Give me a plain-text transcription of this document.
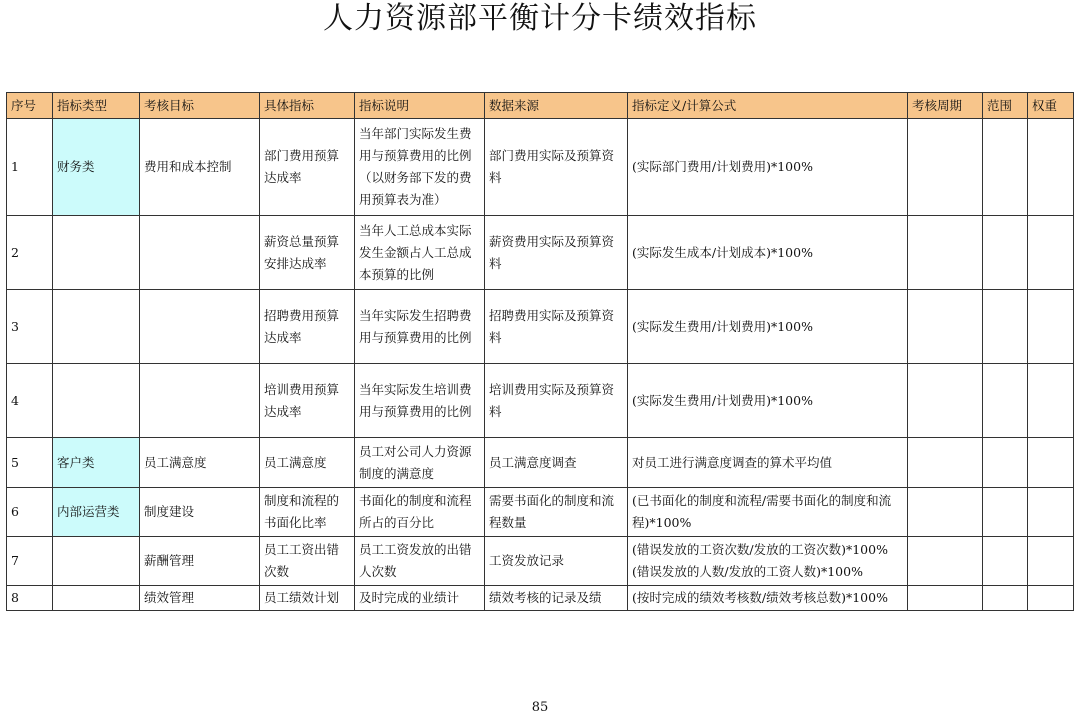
人力资源部平衡计分卡绩效指标
序号	指标类型	考核目标	具体指标	指标说明	数据来源	指标定义/计算公式	考核周期	范围	权重
1	财务类	费用和成本控制	部门费用预算达成率	当年部门实际发生费用与预算费用的比例（以财务部下发的费用预算表为准）	部门费用实际及预算资料	(实际部门费用/计划费用)*100%			
2			薪资总量预算安排达成率	当年人工总成本实际发生金额占人工总成本预算的比例	薪资费用实际及预算资料	(实际发生成本/计划成本)*100%			
3			招聘费用预算达成率	当年实际发生招聘费用与预算费用的比例	招聘费用实际及预算资料	(实际发生费用/计划费用)*100%			
4			培训费用预算达成率	当年实际发生培训费用与预算费用的比例	培训费用实际及预算资料	(实际发生费用/计划费用)*100%			
5	客户类	员工满意度	员工满意度	员工对公司人力资源制度的满意度	员工满意度调查	对员工进行满意度调查的算术平均值			
6	内部运营类	制度建设	制度和流程的书面化比率	书面化的制度和流程所占的百分比	需要书面化的制度和流程数量	(已书面化的制度和流程/需要书面化的制度和流程)*100%			
7		薪酬管理	员工工资出错次数	员工工资发放的出错人次数	工资发放记录	(错误发放的工资次数/发放的工资次数)*100%
(错误发放的人数/发放的工资人数)*100%			
8		绩效管理	员工绩效计划	及时完成的业绩计	绩效考核的记录及绩	(按时完成的绩效考核数/绩效考核总数)*100%			
85
